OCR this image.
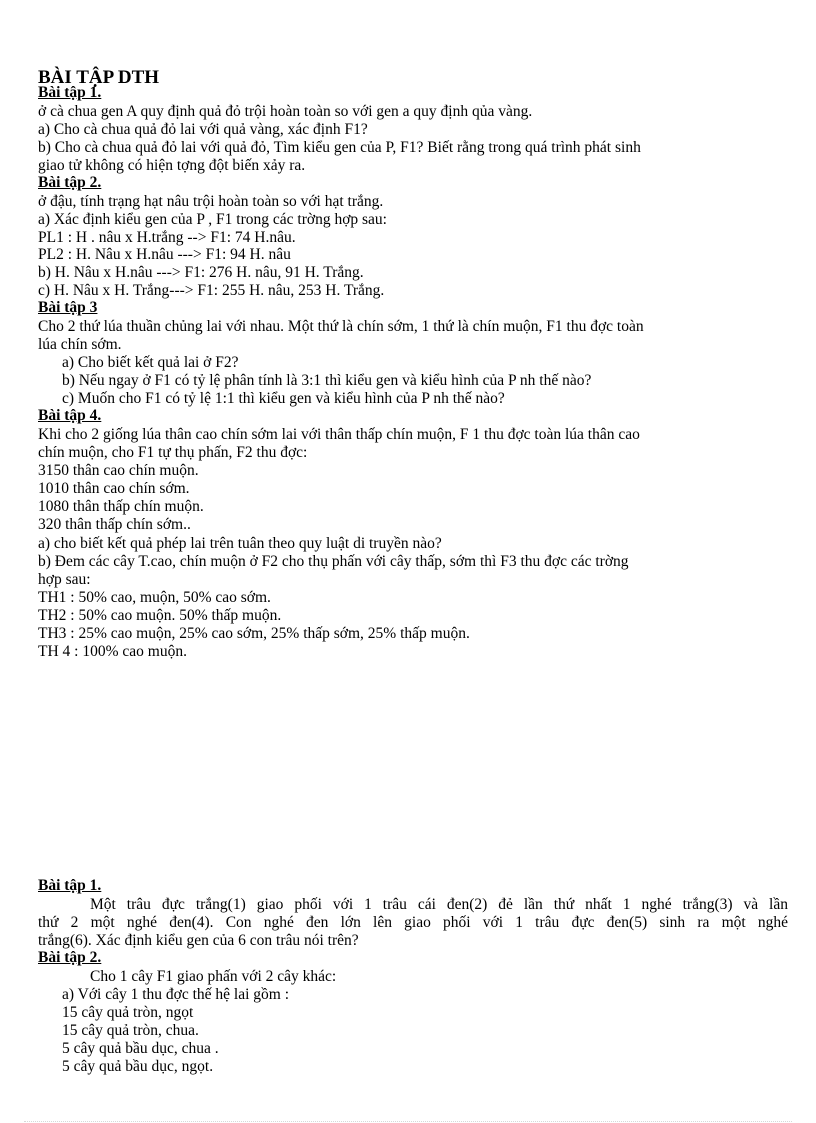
BÀI TẬP DTH
Bài tập 1.
ở cà chua gen A quy định quả đỏ trội hoàn toàn so với gen a quy định qủa vàng.
a) Cho cà chua quả đỏ lai với quả vàng, xác định F1?
b) Cho cà chua quả đỏ lai với quả đỏ, Tìm kiểu gen của P, F1? Biết rằng trong quá trình phát sinh
giao tử không có hiện tợng đột biến xảy ra.
Bài tập 2.
ở đậu, tính trạng hạt nâu trội hoàn toàn so với hạt trắng.
a) Xác định kiểu gen của P , F1 trong các trờng hợp sau:
PL1 : H . nâu x H.trắng --> F1: 74 H.nâu.
PL2 : H. Nâu x H.nâu ---> F1: 94 H. nâu
b) H. Nâu x H.nâu ---> F1: 276 H. nâu, 91 H. Trắng.
c) H. Nâu x H. Trắng---> F1: 255 H. nâu, 253 H. Trắng.
Bài tập 3
Cho 2 thứ lúa thuần chủng lai với nhau. Một thứ là chín sớm, 1 thứ là chín muộn, F1 thu đợc toàn
lúa chín sớm.
a) Cho biết kết quả lai ở F2?
b) Nếu ngay ở F1 có tỷ lệ phân tính là 3:1 thì kiểu gen và kiểu hình của P nh thế nào?
c) Muốn cho F1 có tỷ lệ 1:1 thì kiểu gen và kiểu hình của P nh thế nào?
Bài tập 4.
Khi cho 2 giống lúa thân cao chín sớm lai với thân thấp chín muộn, F 1 thu đợc toàn lúa thân cao
chín muộn, cho F1 tự thụ phấn, F2 thu đợc:
3150 thân cao chín muộn.
1010 thân cao chín sớm.
1080 thân thấp chín muộn.
320 thân thấp chín sớm..
a) cho biết kết quả phép lai trên tuân theo quy luật di truyền nào?
b) Đem các cây T.cao, chín muộn ở F2 cho thụ phấn với cây thấp, sớm thì F3 thu đợc các trờng
hợp sau:
TH1 : 50% cao, muộn, 50% cao sớm.
TH2 : 50% cao muộn. 50% thấp muộn.
TH3 : 25% cao muộn, 25% cao sớm, 25% thấp sớm, 25% thấp muộn.
TH 4 : 100% cao muộn.
Bài tập 1.
Một trâu đực trắng(1) giao phối với 1 trâu cái đen(2) đẻ lần thứ nhất 1 nghé trắng(3) và lần
thứ 2 một nghé đen(4). Con nghé đen lớn lên giao phối với 1 trâu đực đen(5) sinh ra một nghé
trắng(6). Xác định kiểu gen của 6 con trâu nói trên?
Bài tập 2.
Cho 1 cây F1 giao phấn với 2 cây khác:
a) Với cây 1 thu đợc thế hệ lai gồm :
15 cây quả tròn, ngọt
15 cây quả tròn, chua.
5 cây quả bầu dục, chua .
5 cây quả bầu dục, ngọt.
